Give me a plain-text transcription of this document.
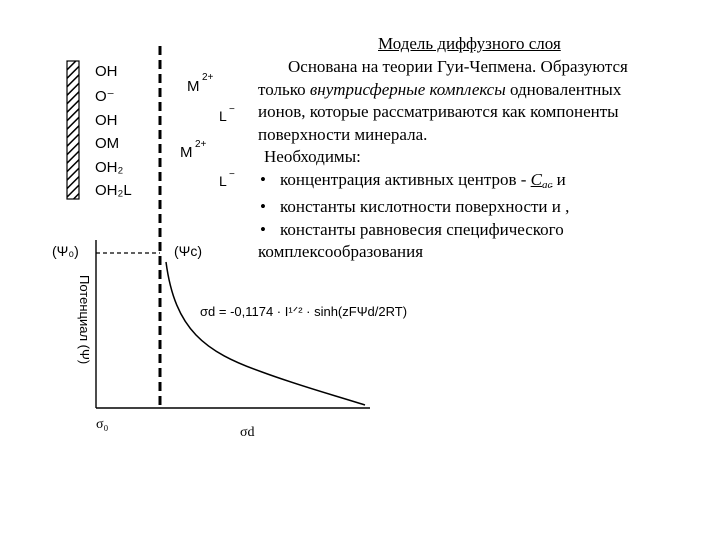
OH
O⁻
OH
OM
OH₂
OH₂L
M
2+
L −
M 2+
L −
(Ψ₀)	(Ψc)
Потенциал (Ψ)	σd = -0,1174 · I¹ᐟ² · sinh(zFΨd/2RT)
σ₀
σd
Модель диффузного слоя
Основана на теории Гуи-Чепмена. Образуются
только внутрисферные комплексы одновалентных
ионов, которые рассматриваются как компоненты
поверхности минерала.
Необходимы:
• концентрация активных центров - $С_{ас}$ и
• константы кислотности поверхности и ,
• константы равновесия специфического
комплексообразования
